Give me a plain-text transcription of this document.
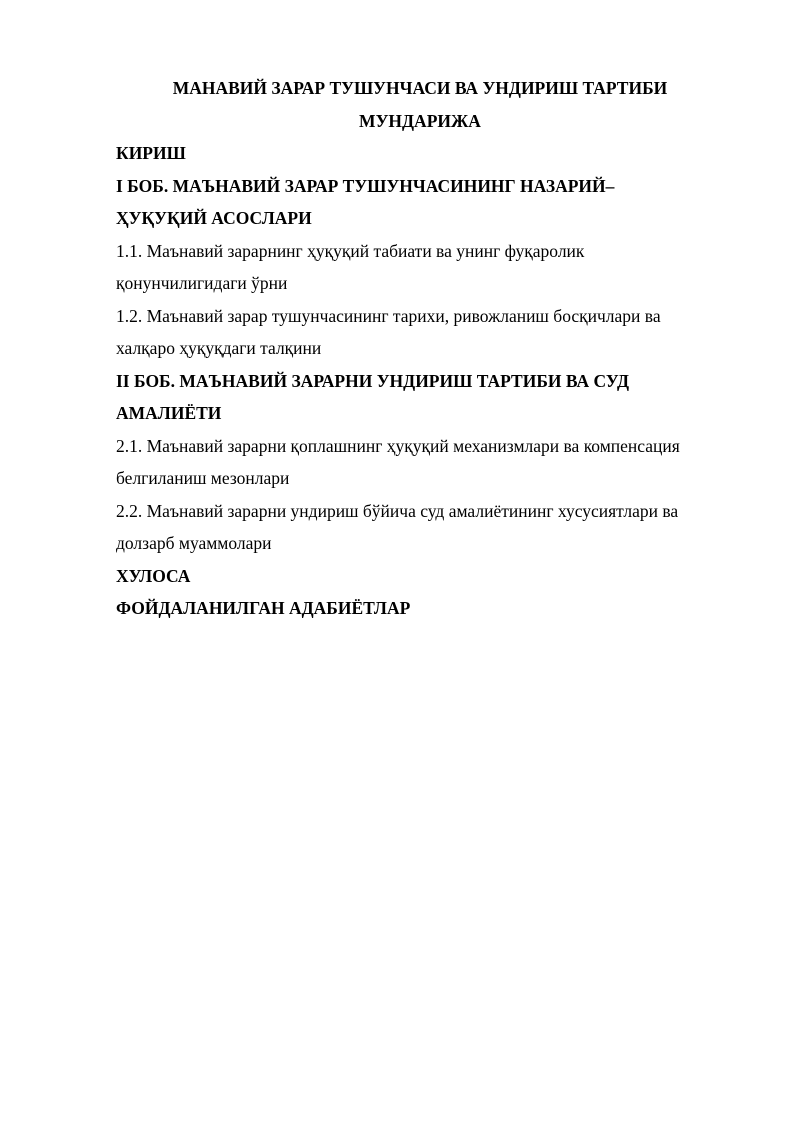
МАНАВИЙ ЗАРАР ТУШУНЧАСИ ВА УНДИРИШ ТАРТИБИ

МУНДАРИЖА

КИРИШ

I БОБ. МАЪНАВИЙ ЗАРАР ТУШУНЧАСИНИНГ НАЗАРИЙ–
ҲУҚУҚИЙ АСОСЛАРИ

1.1. Маънавий зарарнинг ҳуқуқий табиати ва унинг фуқаролик
қонунчилигидаги ўрни

1.2. Маънавий зарар тушунчасининг тарихи, ривожланиш босқичлари ва
халқаро ҳуқуқдаги талқини

II БОБ. МАЪНАВИЙ ЗАРАРНИ УНДИРИШ ТАРТИБИ ВА СУД
АМАЛИЁТИ

2.1. Маънавий зарарни қоплашнинг ҳуқуқий механизмлари ва компенсация
белгиланиш мезонлари

2.2. Маънавий зарарни ундириш бўйича суд амалиётининг хусусиятлари ва
долзарб муаммолари

ХУЛОСА

ФОЙДАЛАНИЛГАН АДАБИЁТЛАР
